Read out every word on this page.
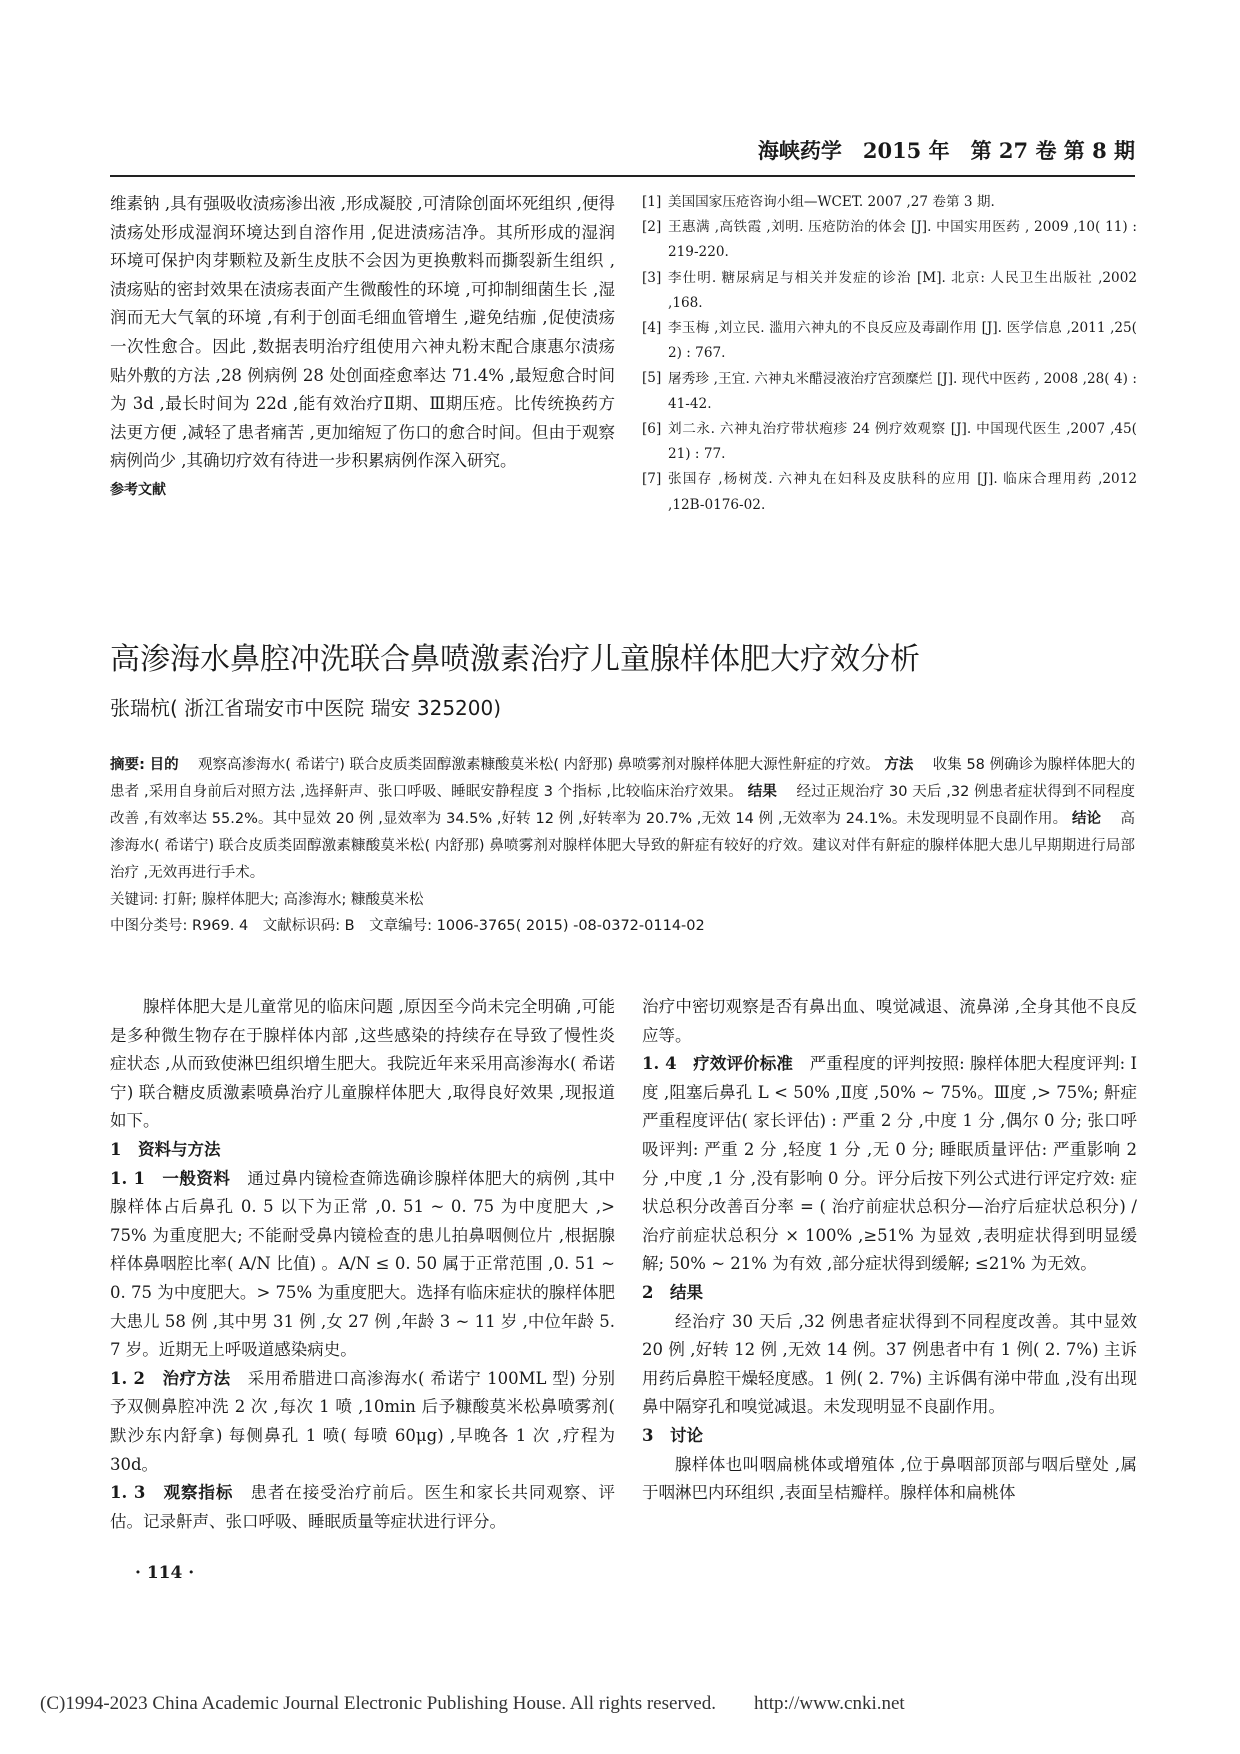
海峡药学　2015 年　第 27 卷 第 8 期

维素钠 ,具有强吸收渍疡渗出液 ,形成凝胶 ,可清除创面坏死组织 ,便得渍疡处形成湿润环境达到自溶作用 ,促进渍疡洁净。其所形成的湿润环境可保护肉芽颗粒及新生皮肤不会因为更换敷料而撕裂新生组织 ,渍疡贴的密封效果在渍疡表面产生微酸性的环境 ,可抑制细菌生长 ,湿润而无大气氧的环境 ,有利于创面毛细血管增生 ,避免结痂 ,促使渍疡一次性愈合。因此 ,数据表明治疗组使用六神丸粉末配合康惠尔渍疡贴外敷的方法 ,28 例病例 28 处创面痊愈率达 71.4% ,最短愈合时间为 3d ,最长时间为 22d ,能有效治疗Ⅱ期、Ⅲ期压疮。比传统换药方法更方便 ,减轻了患者痛苦 ,更加缩短了伤口的愈合时间。但由于观察病例尚少 ,其确切疗效有待进一步积累病例作深入研究。

参考文献

[1] 美国国家压疮咨询小组—WCET. 2007 ,27 卷第 3 期.
[2] 王惠满 ,高铁霞 ,刘明. 压疮防治的体会 [J]. 中国实用医药 , 2009 ,10( 11) : 219-220.
[3] 李仕明. 糖尿病足与相关并发症的诊治 [M]. 北京: 人民卫生出版社 ,2002 ,168.
[4] 李玉梅 ,刘立民. 滥用六神丸的不良反应及毒副作用 [J]. 医学信息 ,2011 ,25( 2) : 767.
[5] 屠秀珍 ,王宜. 六神丸米醋浸液治疗宫颈糜烂 [J]. 现代中医药 , 2008 ,28( 4) : 41-42.
[6] 刘二永. 六神丸治疗带状疱疹 24 例疗效观察 [J]. 中国现代医生 ,2007 ,45( 21) : 77.
[7] 张国存 ,杨树茂. 六神丸在妇科及皮肤科的应用 [J]. 临床合理用药 ,2012 ,12B-0176-02.
高渗海水鼻腔冲洗联合鼻喷激素治疗儿童腺样体肥大疗效分析
张瑞杭( 浙江省瑞安市中医院 瑞安 325200)
摘要: 目的　 观察高渗海水( 希诺宁) 联合皮质类固醇激素糠酸莫米松( 内舒那) 鼻喷雾剂对腺样体肥大源性鼾症的疗效。 方法　 收集 58 例确诊为腺样体肥大的患者 ,采用自身前后对照方法 ,选择鼾声、张口呼吸、睡眠安静程度 3 个指标 ,比较临床治疗效果。 结果　 经过正规治疗 30 天后 ,32 例患者症状得到不同程度改善 ,有效率达 55.2%。其中显效 20 例 ,显效率为 34.5% ,好转 12 例 ,好转率为 20.7% ,无效 14 例 ,无效率为 24.1%。未发现明显不良副作用。 结论　 高渗海水( 希诺宁) 联合皮质类固醇激素糠酸莫米松( 内舒那) 鼻喷雾剂对腺样体肥大导致的鼾症有较好的疗效。建议对伴有鼾症的腺样体肥大患儿早期期进行局部治疗 ,无效再进行手术。
关键词: 打鼾; 腺样体肥大; 高渗海水; 糠酸莫米松
中图分类号: R969. 4　文献标识码: B　文章编号: 1006-3765( 2015) -08-0372-0114-02

腺样体肥大是儿童常见的临床问题 ,原因至今尚未完全明确 ,可能是多种微生物存在于腺样体内部 ,这些感染的持续存在导致了慢性炎症状态 ,从而致使淋巴组织增生肥大。我院近年来采用高渗海水( 希诺宁) 联合糖皮质激素喷鼻治疗儿童腺样体肥大 ,取得良好效果 ,现报道如下。

1　资料与方法

1. 1　一般资料　 通过鼻内镜检查筛选确诊腺样体肥大的病例 ,其中腺样体占后鼻孔 0. 5 以下为正常 ,0. 51 ~ 0. 75 为中度肥大 ,> 75% 为重度肥大; 不能耐受鼻内镜检查的患儿拍鼻咽侧位片 ,根据腺样体鼻咽腔比率( A/N 比值) 。A/N ≤ 0. 50 属于正常范围 ,0. 51 ~ 0. 75 为中度肥大。> 75% 为重度肥大。选择有临床症状的腺样体肥大患儿 58 例 ,其中男 31 例 ,女 27 例 ,年龄 3 ~ 11 岁 ,中位年龄 5. 7 岁。近期无上呼吸道感染病史。

1. 2　治疗方法　 采用希腊进口高渗海水( 希诺宁 100ML 型) 分别予双侧鼻腔冲洗 2 次 ,每次 1 喷 ,10min 后予糠酸莫米松鼻喷雾剂( 默沙东内舒拿) 每侧鼻孔 1 喷( 每喷 60μg) ,早晚各 1 次 ,疗程为 30d。

1. 3　观察指标　 患者在接受治疗前后。医生和家长共同观察、评估。记录鼾声、张口呼吸、睡眠质量等症状进行评分。

治疗中密切观察是否有鼻出血、嗅觉减退、流鼻涕 ,全身其他不良反应等。

1. 4　疗效评价标准　 严重程度的评判按照: 腺样体肥大程度评判: Ⅰ度 ,阻塞后鼻孔 L < 50% ,Ⅱ度 ,50% ~ 75%。Ⅲ度 ,> 75%; 鼾症严重程度评估( 家长评估) : 严重 2 分 ,中度 1 分 ,偶尔 0 分; 张口呼吸评判: 严重 2 分 ,轻度 1 分 ,无 0 分; 睡眠质量评估: 严重影响 2 分 ,中度 ,1 分 ,没有影响 0 分。评分后按下列公式进行评定疗效: 症状总积分改善百分率 = ( 治疗前症状总积分—治疗后症状总积分) /治疗前症状总积分 × 100% ,≥51% 为显效 ,表明症状得到明显缓解; 50% ~ 21% 为有效 ,部分症状得到缓解; ≤21% 为无效。

2　结果

经治疗 30 天后 ,32 例患者症状得到不同程度改善。其中显效 20 例 ,好转 12 例 ,无效 14 例。37 例患者中有 1 例( 2. 7%) 主诉用药后鼻腔干燥轻度感。1 例( 2. 7%) 主诉偶有涕中带血 ,没有出现鼻中隔穿孔和嗅觉减退。未发现明显不良副作用。

3　讨论

腺样体也叫咽扁桃体或增殖体 ,位于鼻咽部顶部与咽后壁处 ,属于咽淋巴内环组织 ,表面呈桔瓣样。腺样体和扁桃体

· 114 ·
(C)1994-2023 China Academic Journal Electronic Publishing House. All rights reserved.　　http://www.cnki.net
